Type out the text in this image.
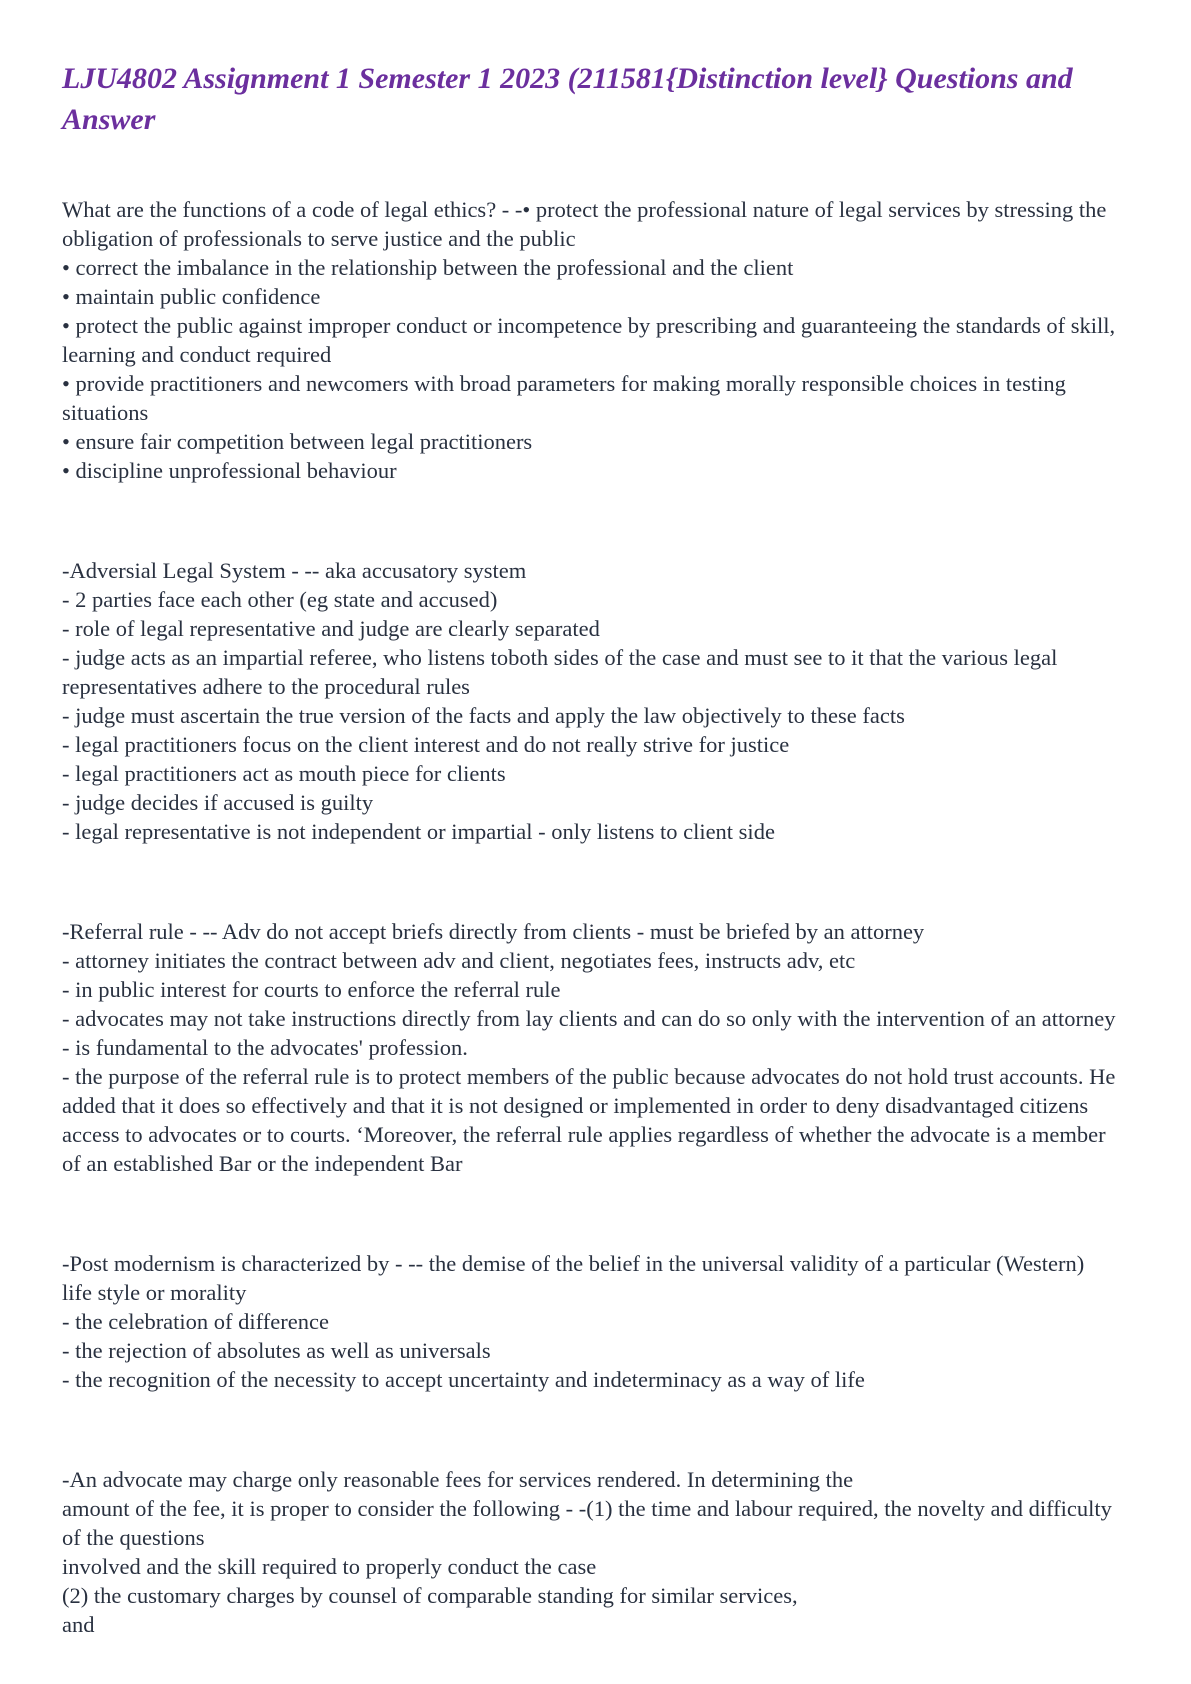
LJU4802 Assignment 1 Semester 1 2023 (211581{Distinction level} Questions and Answer

What are the functions of a code of legal ethics? - -• protect the professional nature of legal services by stressing the obligation of professionals to serve justice and the public

• correct the imbalance in the relationship between the professional and the client

• maintain public confidence

• protect the public against improper conduct or incompetence by prescribing and guaranteeing the standards of skill, learning and conduct required

• provide practitioners and newcomers with broad parameters for making morally responsible choices in testing situations

• ensure fair competition between legal practitioners

• discipline unprofessional behaviour

-Adversial Legal System - -- aka accusatory system

- 2 parties face each other (eg state and accused)

- role of legal representative and judge are clearly separated

- judge acts as an impartial referee, who listens toboth sides of the case and must see to it that the various legal representatives adhere to the procedural rules

- judge must ascertain the true version of the facts and apply the law objectively to these facts

- legal practitioners focus on the client interest and do not really strive for justice

- legal practitioners act as mouth piece for clients

- judge decides if accused is guilty

- legal representative is not independent or impartial - only listens to client side

-Referral rule - -- Adv do not accept briefs directly from clients - must be briefed by an attorney

- attorney initiates the contract between adv and client, negotiates fees, instructs adv, etc

- in public interest for courts to enforce the referral rule

- advocates may not take instructions directly from lay clients and can do so only with the intervention of an attorney - is fundamental to the advocates' profession.

- the purpose of the referral rule is to protect members of the public because advocates do not hold trust accounts. He added that it does so effectively and that it is not designed or implemented in order to deny disadvantaged citizens access to advocates or to courts. ‘Moreover, the referral rule applies regardless of whether the advocate is a member of an established Bar or the independent Bar

-Post modernism is characterized by - -- the demise of the belief in the universal validity of a particular (Western) life style or morality

- the celebration of difference

- the rejection of absolutes as well as universals

- the recognition of the necessity to accept uncertainty and indeterminacy as a way of life

-An advocate may charge only reasonable fees for services rendered. In determining the

amount of the fee, it is proper to consider the following - -(1) the time and labour required, the novelty and difficulty of the questions

involved and the skill required to properly conduct the case

(2) the customary charges by counsel of comparable standing for similar services,

and
